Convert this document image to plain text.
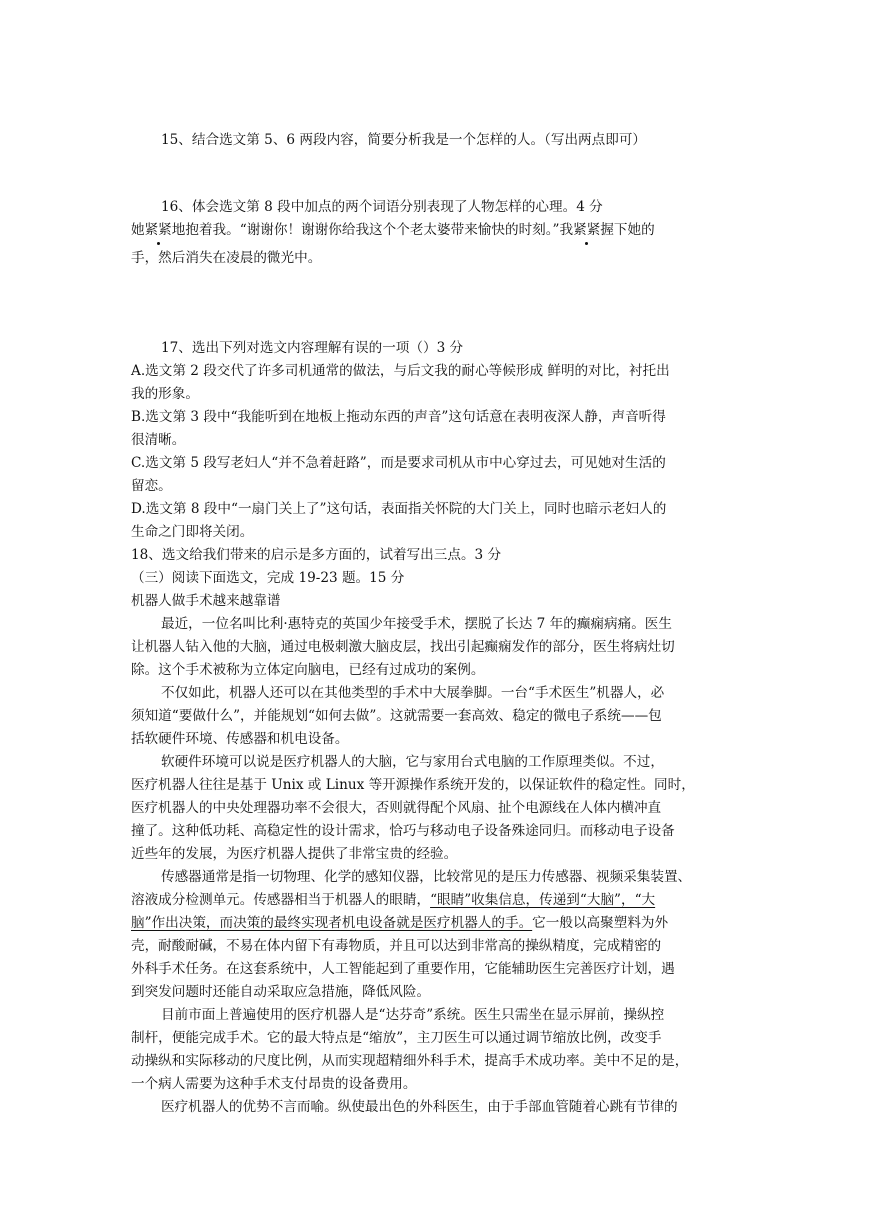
15、结合选文第 5、6 两段内容，简要分析我是一个怎样的人。（写出两点即可）
16、体会选文第 8 段中加点的两个词语分别表现了人物怎样的心理。4 分
她紧紧地抱着我。“谢谢你！谢谢你给我这个个老太婆带来愉快的时刻。”我紧紧握下她的
手，然后消失在凌晨的微光中。
17、选出下列对选文内容理解有误的一项（）3 分
A.选文第 2 段交代了许多司机通常的做法，与后文我的耐心等候形成 鲜明的对比，衬托出
我的形象。
B.选文第 3 段中“我能听到在地板上拖动东西的声音”这句话意在表明夜深人静，声音听得
很清晰。
C.选文第 5 段写老妇人“并不急着赶路”，而是要求司机从市中心穿过去，可见她对生活的
留恋。
D.选文第 8 段中“一扇门关上了”这句话，表面指关怀院的大门关上，同时也暗示老妇人的
生命之门即将关闭。
18、选文给我们带来的启示是多方面的，试着写出三点。3 分
（三）阅读下面选文，完成 19-23 题。15 分
机器人做手术越来越靠谱
最近，一位名叫比利·惠特克的英国少年接受手术，摆脱了长达 7 年的癫痫病痛。医生
让机器人钻入他的大脑，通过电极刺激大脑皮层，找出引起癫痫发作的部分，医生将病灶切
除。这个手术被称为立体定向脑电，已经有过成功的案例。
不仅如此，机器人还可以在其他类型的手术中大展拳脚。一台“手术医生”机器人，必
须知道“要做什么”，并能规划“如何去做”。这就需要一套高效、稳定的微电子系统——包
括软硬件环境、传感器和机电设备。
软硬件环境可以说是医疗机器人的大脑，它与家用台式电脑的工作原理类似。不过，
医疗机器人往往是基于 Unix 或 Linux 等开源操作系统开发的，以保证软件的稳定性。同时，
医疗机器人的中央处理器功率不会很大，否则就得配个风扇、扯个电源线在人体内横冲直
撞了。这种低功耗、高稳定性的设计需求，恰巧与移动电子设备殊途同归。而移动电子设备
近些年的发展，为医疗机器人提供了非常宝贵的经验。
传感器通常是指一切物理、化学的感知仪器，比较常见的是压力传感器、视频采集装置、
溶液成分检测单元。传感器相当于机器人的眼睛，“眼睛”收集信息，传递到“大脑”，“大
脑”作出决策，而决策的最终实现者机电设备就是医疗机器人的手。它一般以高聚塑料为外
壳，耐酸耐碱，不易在体内留下有毒物质，并且可以达到非常高的操纵精度，完成精密的
外科手术任务。在这套系统中，人工智能起到了重要作用，它能辅助医生完善医疗计划，遇
到突发问题时还能自动采取应急措施，降低风险。
目前市面上普遍使用的医疗机器人是“达芬奇”系统。医生只需坐在显示屏前，操纵控
制杆，便能完成手术。它的最大特点是“缩放”，主刀医生可以通过调节缩放比例，改变手
动操纵和实际移动的尺度比例，从而实现超精细外科手术，提高手术成功率。美中不足的是，
一个病人需要为这种手术支付昂贵的设备费用。
医疗机器人的优势不言而喻。纵使最出色的外科医生，由于手部血管随着心跳有节律的
